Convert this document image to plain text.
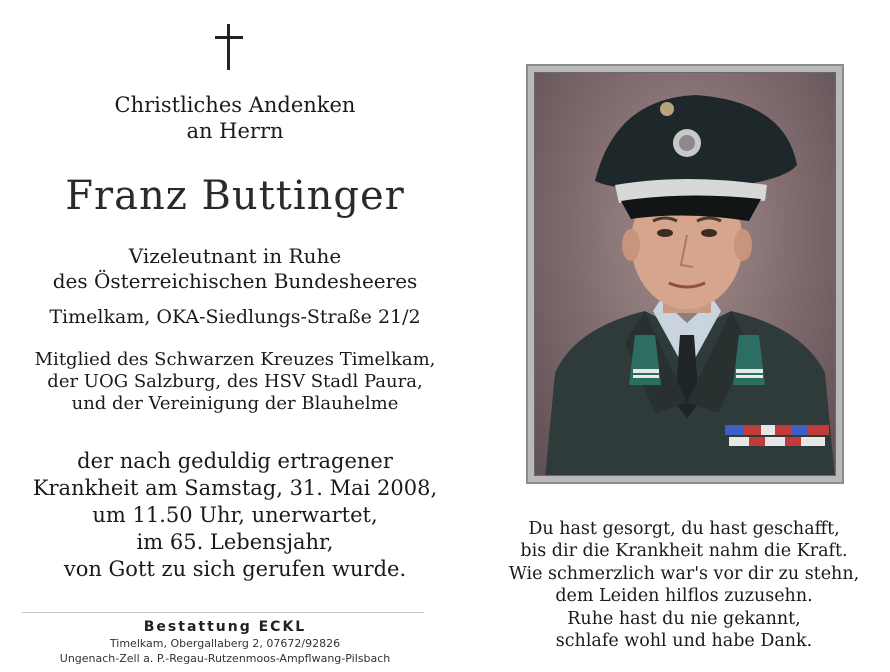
Christliches Andenken
an Herrn
Franz Buttinger
Vizeleutnant in Ruhe
des Österreichischen Bundesheeres
Timelkam, OKA-Siedlungs-Straße 21/2
Mitglied des Schwarzen Kreuzes Timelkam,
der UOG Salzburg, des HSV Stadl Paura,
und der Vereinigung der Blauhelme
der nach geduldig ertragener
Krankheit am Samstag, 31. Mai 2008,
um 11.50 Uhr, unerwartet,
im 65. Lebensjahr,
von Gott zu sich gerufen wurde.
Bestattung ECKL
Timelkam, Obergallaberg 2, 07672/92826
Ungenach-Zell a. P.-Regau-Rutzenmoos-Ampflwang-Pilsbach
Du hast gesorgt, du hast geschafft,
bis dir die Krankheit nahm die Kraft.
Wie schmerzlich war's vor dir zu stehn,
dem Leiden hilflos zuzusehn.
Ruhe hast du nie gekannt,
schlafe wohl und habe Dank.
